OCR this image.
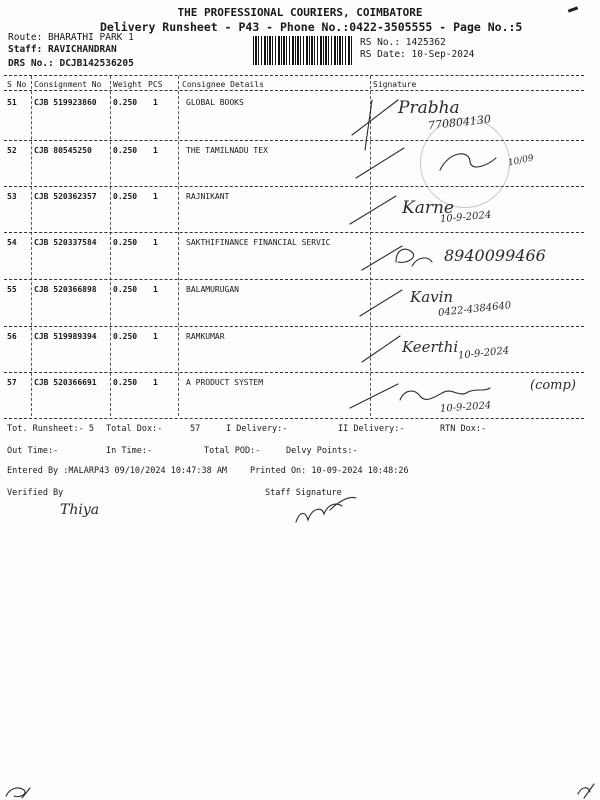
THE PROFESSIONAL COURIERS, COIMBATORE
Delivery Runsheet - P43 - Phone No.:0422-3505555 - Page No.:5
Route: BHARATHI PARK 1
Staff: RAVICHANDRAN
DRS No.: DCJB142536205
RS No.: 1425362
RS Date: 10-Sep-2024
S No Consignment No Weight PCS Consignee Details	Signature
51 CJB 519923860 0.250 1	GLOBAL BOOKS
52 CJB 80545250	0.250 1	THE TAMILNADU TEX
53 CJB 520362357 0.250 1	RAJNIKANT
54 CJB 520337584 0.250 1	SAKTHIFINANCE FINANCIAL SERVIC
55 CJB 520366898 0.250 1	BALAMURUGAN
56 CJB 519989394 0.250 1	RAMKUMAR
57 CJB 520366691 0.250 1	A PRODUCT SYSTEM
Prabha
770804130
10/09
Karne
10-9-2024
8940099466
Kavin
0422-4384640
Keerthi 10-9-2024
(comp)
10-9-2024
Tot. Runsheet:- 5 Total Dox:-	57	I Delivery:-	II Delivery:-	RTN Dox:-
Out Time:-	In Time:-	Total POD:-	Delvy Points:-
Entered By :MALARP43 09/10/2024 10:47:38 AM	Printed On: 10-09-2024 10:48:26
Verified By	Staff Signature
Thiya
